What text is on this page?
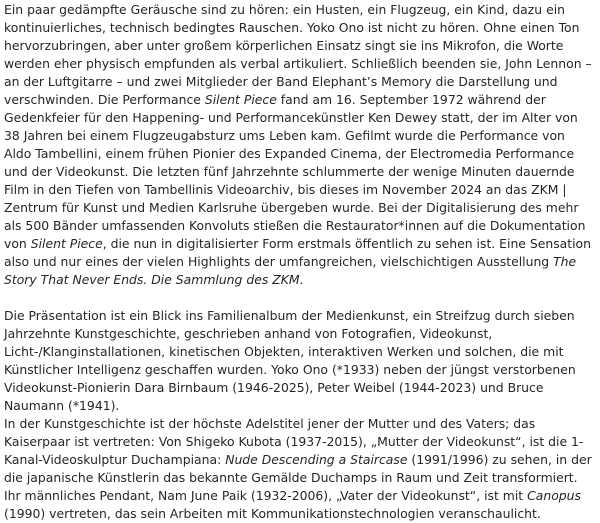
Ein paar gedämpfte Geräusche sind zu hören: ein Husten, ein Flugzeug, ein Kind, dazu ein kontinuierliches, technisch bedingtes Rauschen. Yoko Ono ist nicht zu hören. Ohne einen Ton hervorzubringen, aber unter großem körperlichen Einsatz singt sie ins Mikrofon, die Worte werden eher physisch empfunden als verbal artikuliert. Schließlich beenden sie, John Lennon – an der Luftgitarre – und zwei Mitglieder der Band Elephant’s Memory die Darstellung und verschwinden. Die Performance Silent Piece fand am 16. September 1972 während der Gedenkfeier für den Happening- und Performancekünstler Ken Dewey statt, der im Alter von 38 Jahren bei einem Flugzeugabsturz ums Leben kam. Gefilmt wurde die Performance von Aldo Tambellini, einem frühen Pionier des Expanded Cinema, der Electromedia Performance und der Videokunst. Die letzten fünf Jahrzehnte schlummerte der wenige Minuten dauernde Film in den Tiefen von Tambellinis Videoarchiv, bis dieses im November 2024 an das ZKM | Zentrum für Kunst und Medien Karlsruhe übergeben wurde. Bei der Digitalisierung des mehr als 500 Bänder umfassenden Konvoluts stießen die Restaurator*innen auf die Dokumentation von Silent Piece, die nun in digitalisierter Form erstmals öffentlich zu sehen ist. Eine Sensation also und nur eines der vielen Highlights der umfangreichen, vielschichtigen Ausstellung The Story That Never Ends. Die Sammlung des ZKM.

Die Präsentation ist ein Blick ins Familienalbum der Medienkunst, ein Streifzug durch sieben Jahrzehnte Kunstgeschichte, geschrieben anhand von Fotografien, Videokunst, Licht-/Klanginstallationen, kinetischen Objekten, interaktiven Werken und solchen, die mit Künstlicher Intelligenz geschaffen wurden. Yoko Ono (*1933) neben der jüngst verstorbenen Videokunst-Pionierin Dara Birnbaum (1946-2025), Peter Weibel (1944-2023) und Bruce Naumann (*1941).

In der Kunstgeschichte ist der höchste Adelstitel jener der Mutter und des Vaters; das Kaiserpaar ist vertreten: Von Shigeko Kubota (1937-2015), „Mutter der Videokunst“, ist die 1-Kanal-Videoskulptur Duchampiana: Nude Descending a Staircase (1991/1996) zu sehen, in der die japanische Künstlerin das bekannte Gemälde Duchamps in Raum und Zeit transformiert. Ihr männliches Pendant, Nam June Paik (1932-2006), „Vater der Videokunst“, ist mit Canopus (1990) vertreten, das sein Arbeiten mit Kommunikationstechnologien veranschaulicht.
